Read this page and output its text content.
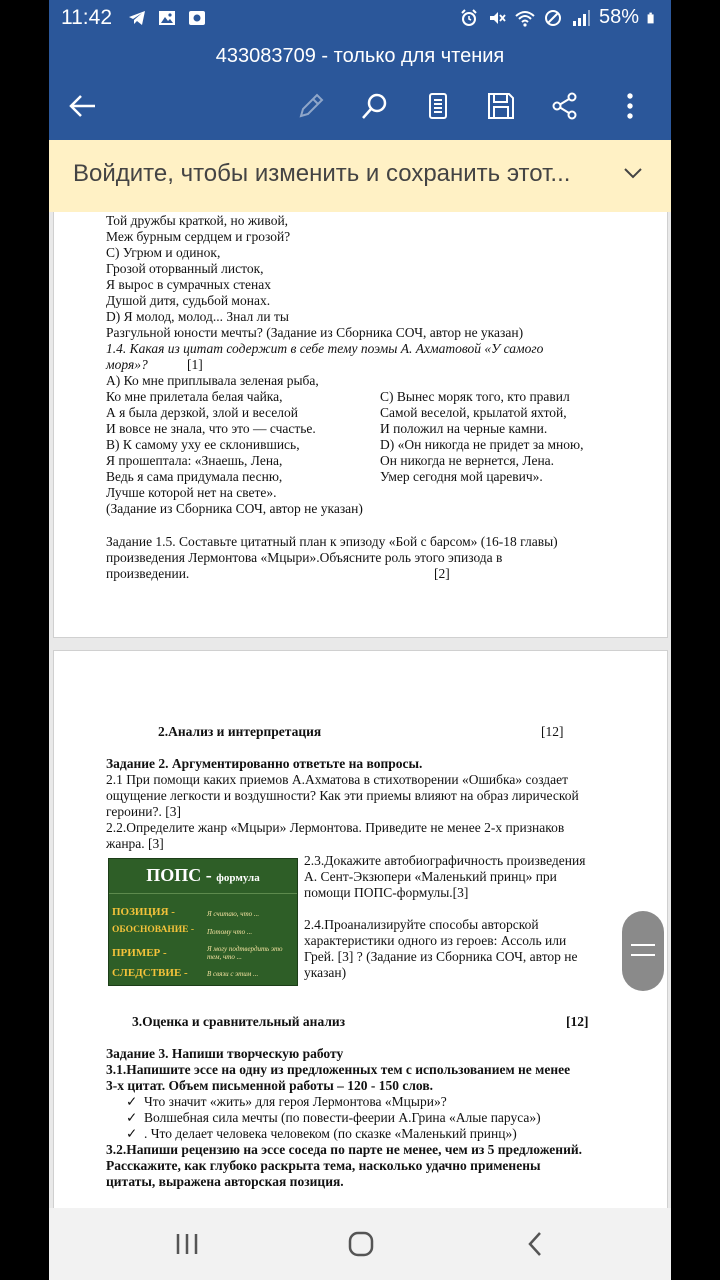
11:42	58%
433083709 - только для чтения
Войдите, чтобы изменить и сохранить этот...
Той дружбы краткой, но живой,
Меж бурным сердцем и грозой?
C) Угрюм и одинок,
Грозой оторванный листок,
Я вырос в сумрачных стенах
Душой дитя, судьбой монах.
D) Я молод, молод... Знал ли ты
Разгульной юности мечты? (Задание из Сборника СОЧ, автор не указан)
1.4. Какая из цитат содержит в себе тему поэмы А. Ахматовой «У самого
моря»?	[1]
A) Ко мне приплывала зеленая рыба,
Ко мне прилетала белая чайка,
А я была дерзкой, злой и веселой
И вовсе не знала, что это — счастье.
B) К самому уху ее склонившись,
Я прошептала: «Знаешь, Лена,
Ведь я сама придумала песню,
Лучше которой нет на свете».
(Задание из Сборника СОЧ, автор не указан)
C) Вынес моряк того, кто правил
Самой веселой, крылатой яхтой,
И положил на черные камни.
D) «Он никогда не придет за мною,
Он никогда не вернется, Лена.
Умер сегодня мой царевич».
Задание 1.5. Составьте цитатный план к эпизоду «Бой с барсом» (16-18 главы)
произведения Лермонтова «Мцыри».Объясните роль этого эпизода в
произведении.	[2]
2.Анализ и интерпретация	[12]
Задание 2. Аргументированно ответьте на вопросы.
2.1 При помощи каких приемов А.Ахматова в стихотворении «Ошибка» создает
ощущение легкости и воздушности? Как эти приемы влияют на образ лирической
героини?. [3]
2.2.Определите жанр «Мцыри» Лермонтова. Приведите не менее 2-х признаков
жанра. [3]
ПОПС - формула
ПОЗИЦИЯ -	Я считаю, что ...
ОБОСНОВАНИЕ - Потому что ...
ПРИМЕР -	Я могу подтвердить это тем, что ...
СЛЕДСТВИЕ -	В связи с этим ...
2.3.Докажите автобиографичность произведения
А. Сент-Экзюпери «Маленький принц» при
помощи ПОПС-формулы.[3]
2.4.Проанализируйте способы авторской
характеристики одного из героев: Ассоль или
Грей. [3] ? (Задание из Сборника СОЧ, автор не
указан)
3.Оценка и сравнительный анализ	[12]
Задание 3. Напиши творческую работу
3.1.Напишите эссе на одну из предложенных тем с использованием не менее
3-х цитат. Объем письменной работы – 120 - 150 слов.
✓ Что значит «жить» для героя Лермонтова «Мцыри»?
✓ Волшебная сила мечты (по повести-феерии А.Грина «Алые паруса»)
✓ . Что делает человека человеком (по сказке «Маленький принц»)
3.2.Напиши рецензию на эссе соседа по парте не менее, чем из 5 предложений.
Расскажите, как глубоко раскрыта тема, насколько удачно применены
цитаты, выражена авторская позиция.
